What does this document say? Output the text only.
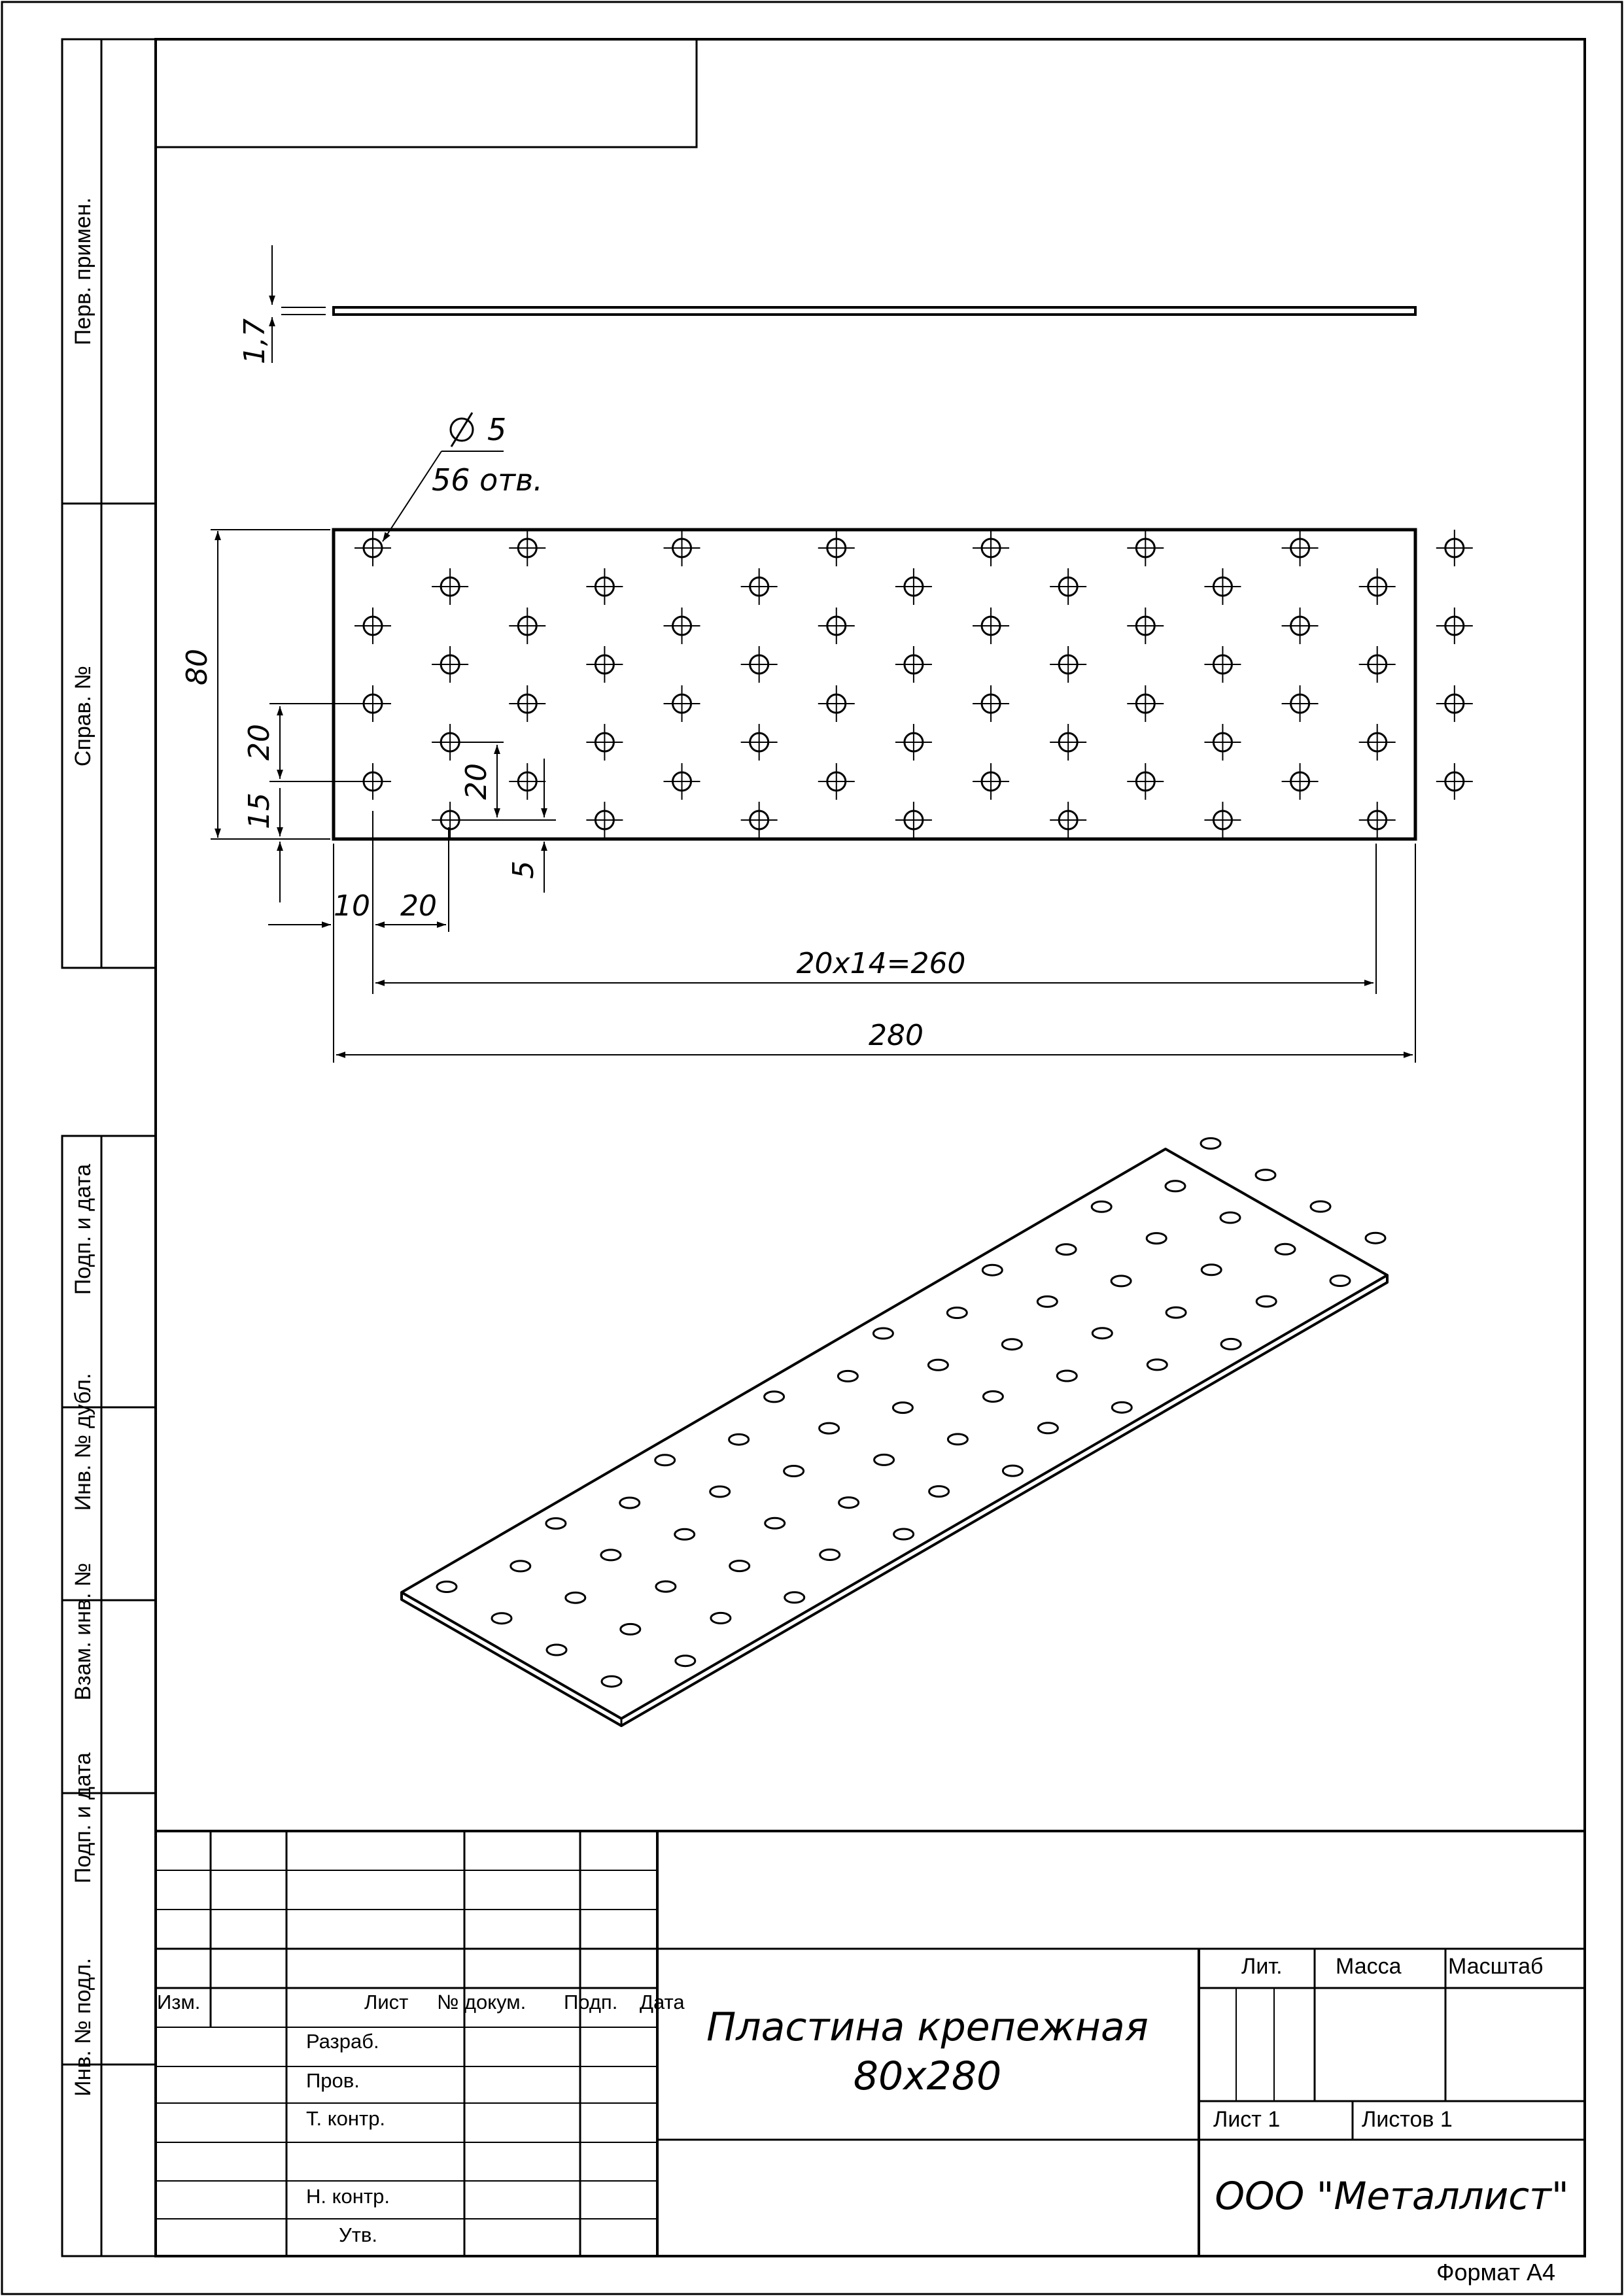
Перв. примен.
Справ. №
Подп. и дата
Инв. № дубл.
Взам. инв. №
Подп. и дата
Инв. № подл.
1,7
5
56 отв.
80
20
15
20
5
10 20
20x14=260
280
Изм.	Лист № докум. Подп. Дата
Разраб.
Пров.
Т. контр.
Н. контр.
Утв.
Лит. Масса Масштаб
Лист 1	Листов 1
Пластина крепежная
80x280
ООО "Металлист"
Формат А4
